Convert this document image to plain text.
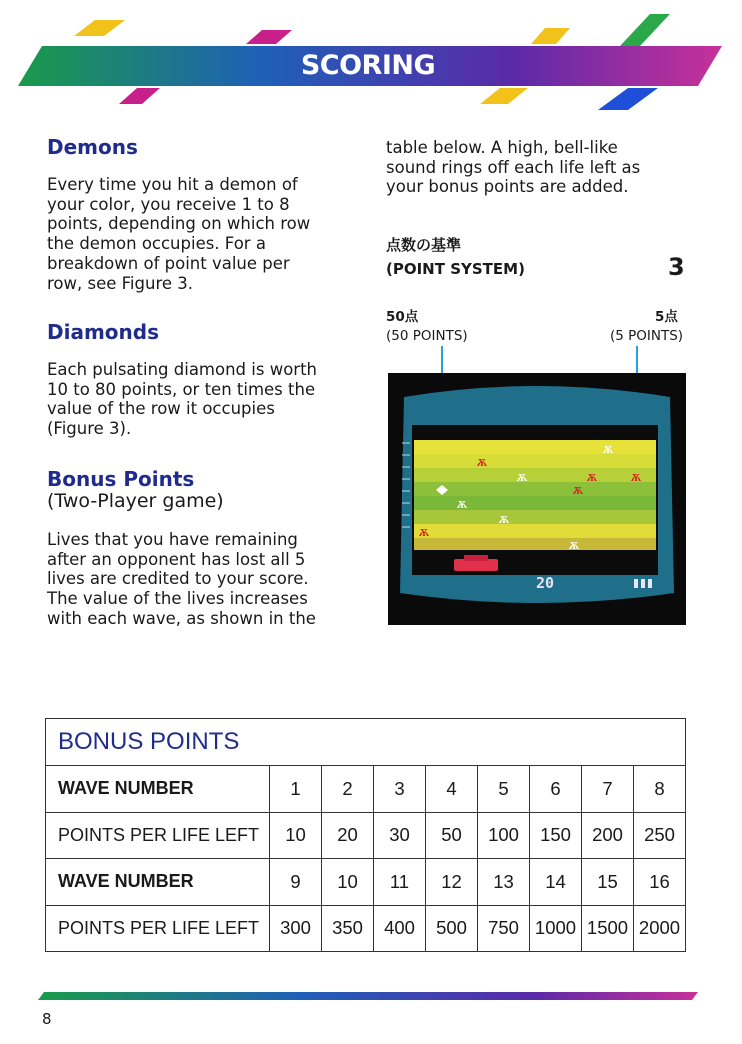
SCORING
Demons
Every time you hit a demon of
your color, you receive 1 to 8
points, depending on which row
the demon occupies. For a
breakdown of point value per
row, see Figure 3.
Diamonds
Each pulsating diamond is worth
10 to 80 points, or ten times the
value of the row it occupies
(Figure 3).
Bonus Points
(Two-Player game)
Lives that you have remaining
after an opponent has lost all 5
lives are credited to your score.
The value of the lives increases
with each wave, as shown in the
table below. A high, bell-like
sound rings off each life left as
your bonus points are added.
点数の基準
(POINT SYSTEM)	3
50点
(50 POINTS)
5点
(5 POINTS)
Ѫ
Ѫ
Ѫ
Ѫ	Ѫ
Ѫ
Ѫ
Ѫ
Ѫ
Ѫ
20
BONUS POINTS								
WAVE NUMBER	1	2	3	4	5	6	7	8
POINTS PER LIFE LEFT	10	20	30	50	100	150	200	250
WAVE NUMBER	9	10	11	12	13	14	15	16
POINTS PER LIFE LEFT	300	350	400	500	750	1000	1500	2000
8
